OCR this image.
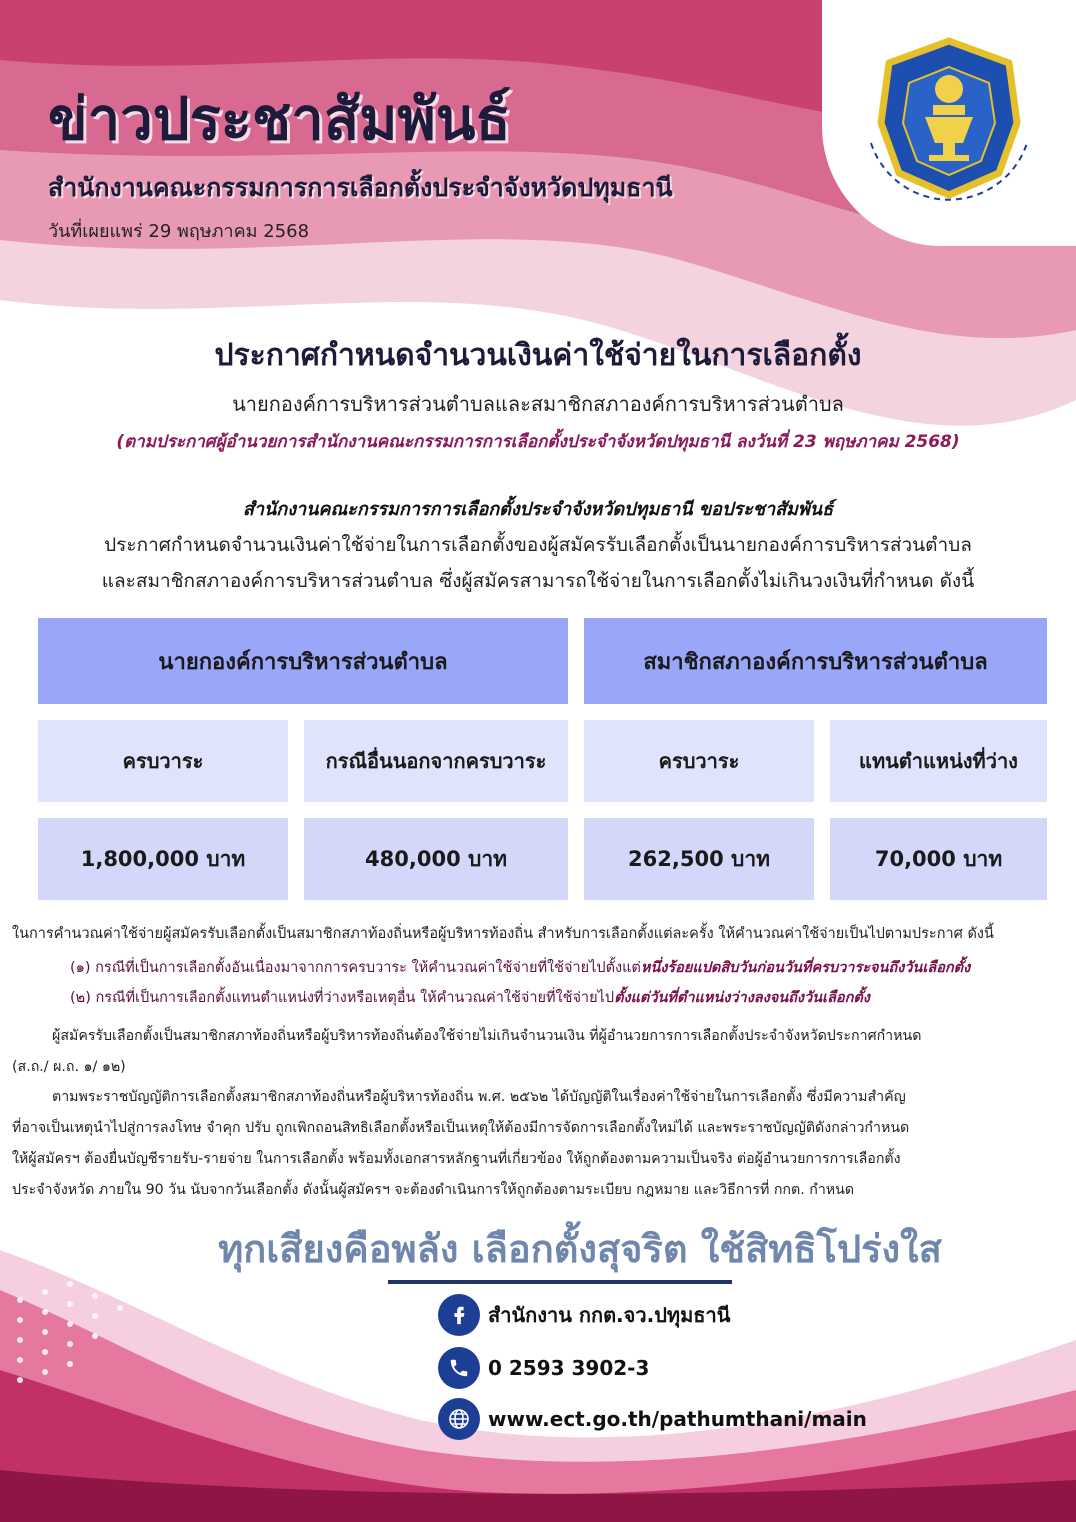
ข่าวประชาสัมพันธ์
สำนักงานคณะกรรมการการเลือกตั้งประจำจังหวัดปทุมธานี
วันที่เผยแพร่ 29 พฤษภาคม 2568
ประกาศกำหนดจำนวนเงินค่าใช้จ่ายในการเลือกตั้ง
นายกองค์การบริหารส่วนตำบลและสมาชิกสภาองค์การบริหารส่วนตำบล
(ตามประกาศผู้อำนวยการสำนักงานคณะกรรมการการเลือกตั้งประจำจังหวัดปทุมธานี ลงวันที่ 23 พฤษภาคม 2568)
สำนักงานคณะกรรมการการเลือกตั้งประจำจังหวัดปทุมธานี ขอประชาสัมพันธ์
ประกาศกำหนดจำนวนเงินค่าใช้จ่ายในการเลือกตั้งของผู้สมัครรับเลือกตั้งเป็นนายกองค์การบริหารส่วนตำบล
และสมาชิกสภาองค์การบริหารส่วนตำบล ซึ่งผู้สมัครสามารถใช้จ่ายในการเลือกตั้งไม่เกินวงเงินที่กำหนด ดังนี้
นายกองค์การบริหารส่วนตำบล	สมาชิกสภาองค์การบริหารส่วนตำบล
ครบวาระ	กรณีอื่นนอกจากครบวาระ	ครบวาระ	แทนตำแหน่งที่ว่าง
1,800,000 บาท	480,000 บาท	262,500 บาท	70,000 บาท
ในการคำนวณค่าใช้จ่ายผู้สมัครรับเลือกตั้งเป็นสมาชิกสภาท้องถิ่นหรือผู้บริหารท้องถิ่น สำหรับการเลือกตั้งแต่ละครั้ง ให้คำนวณค่าใช้จ่ายเป็นไปตามประกาศ ดังนี้
(๑) กรณีที่เป็นการเลือกตั้งอันเนื่องมาจากการครบวาระ ให้คำนวณค่าใช้จ่ายที่ใช้จ่ายไปตั้งแต่หนึ่งร้อยแปดสิบวันก่อนวันที่ครบวาระจนถึงวันเลือกตั้ง
(๒) กรณีที่เป็นการเลือกตั้งแทนตำแหน่งที่ว่างหรือเหตุอื่น ให้คำนวณค่าใช้จ่ายที่ใช้จ่ายไปตั้งแต่วันที่ตำแหน่งว่างลงจนถึงวันเลือกตั้ง
ผู้สมัครรับเลือกตั้งเป็นสมาชิกสภาท้องถิ่นหรือผู้บริหารท้องถิ่นต้องใช้จ่ายไม่เกินจำนวนเงิน ที่ผู้อำนวยการการเลือกตั้งประจำจังหวัดประกาศกำหนด
(ส.ถ./ ผ.ถ. ๑/ ๑๒)
ตามพระราชบัญญัติการเลือกตั้งสมาชิกสภาท้องถิ่นหรือผู้บริหารท้องถิ่น พ.ศ. ๒๕๖๒ ได้บัญญัติในเรื่องค่าใช้จ่ายในการเลือกตั้ง ซึ่งมีความสำคัญ
ที่อาจเป็นเหตุนำไปสู่การลงโทษ จำคุก ปรับ ถูกเพิกถอนสิทธิเลือกตั้งหรือเป็นเหตุให้ต้องมีการจัดการเลือกตั้งใหม่ได้ และพระราชบัญญัติดังกล่าวกำหนด
ให้ผู้สมัครฯ ต้องยื่นบัญชีรายรับ-รายจ่าย ในการเลือกตั้ง พร้อมทั้งเอกสารหลักฐานที่เกี่ยวข้อง ให้ถูกต้องตามความเป็นจริง ต่อผู้อำนวยการการเลือกตั้ง
ประจำจังหวัด ภายใน 90 วัน นับจากวันเลือกตั้ง ดังนั้นผู้สมัครฯ จะต้องดำเนินการให้ถูกต้องตามระเบียบ กฎหมาย และวิธีการที่ กกต. กำหนด
ทุกเสียงคือพลัง เลือกตั้งสุจริต ใช้สิทธิโปร่งใส
สำนักงาน กกต.จว.ปทุมธานี
0 2593 3902-3
www.ect.go.th/pathumthani/main
